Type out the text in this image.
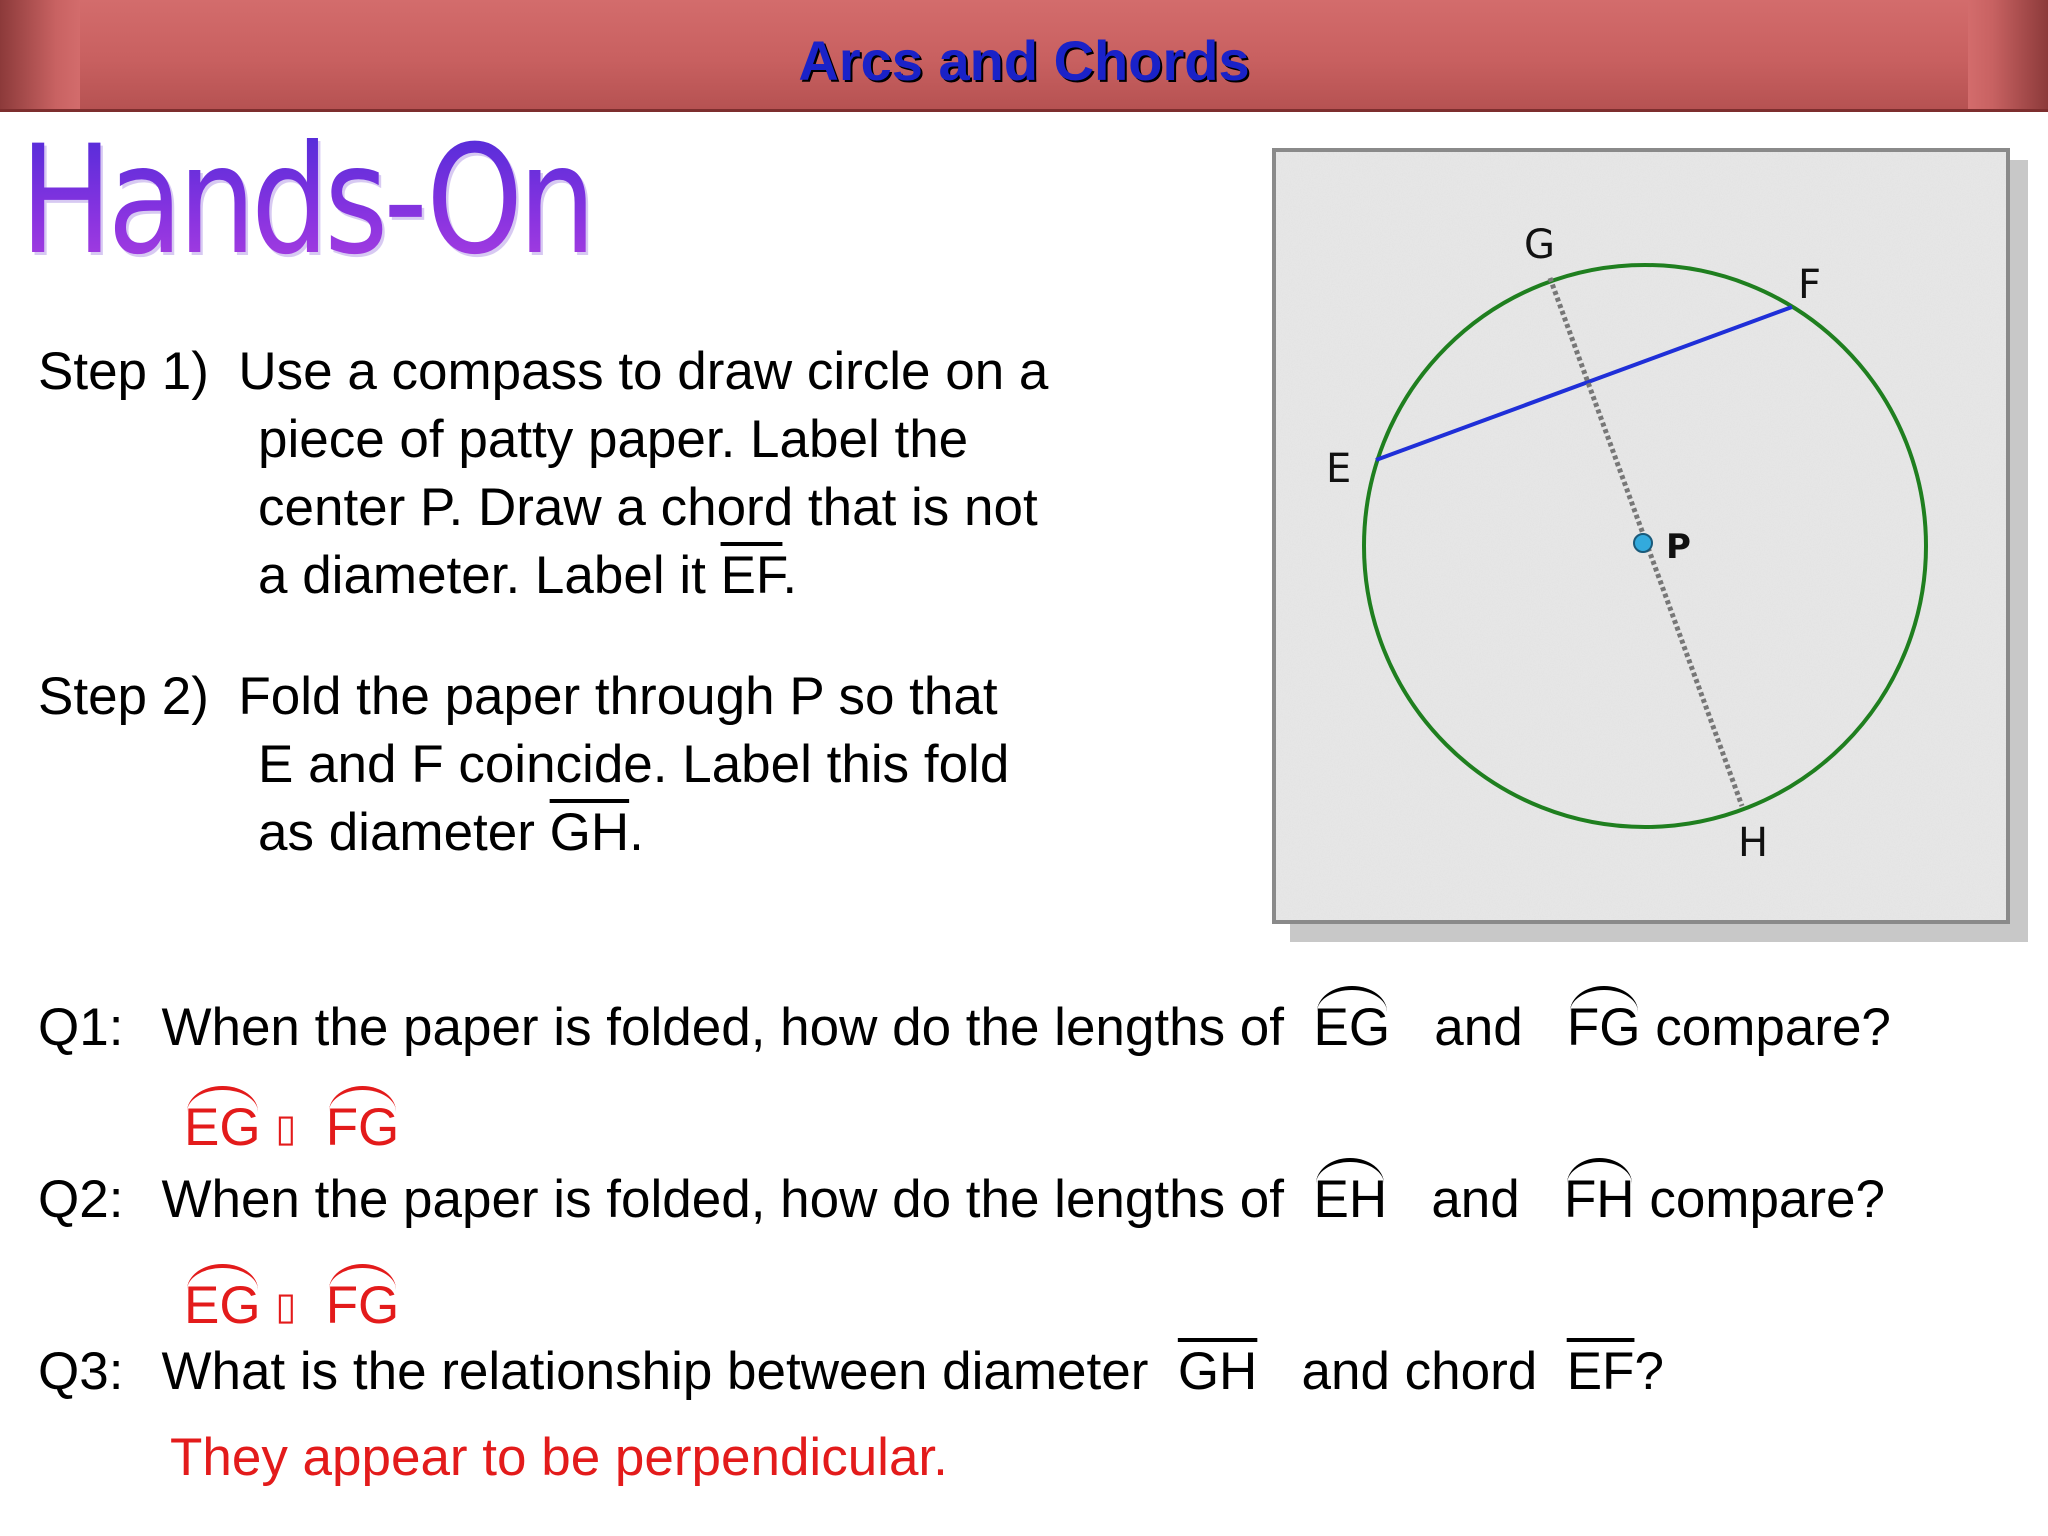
Arcs and Chords
Hands-On
Step 1) Use a compass to draw circle on a
piece of patty paper. Label the
center P. Draw a chord that is not
a diameter. Label it $\overline{EF}$.
Step 2) Fold the paper through P so that
E and F coincide. Label this fold
as diameter $\overline{GH}$.
G
F
E
P
H
Q1: When the paper is folded, how do the lengths of  EG and FG compare?
EG ▯ FG
Q2: When the paper is folded, how do the lengths of  EH and FH compare?
EG ▯ FG
Q3: What is the relationship between diameter  $\overline{GH}$ and chord $\overline{EF}$?
They appear to be perpendicular.
